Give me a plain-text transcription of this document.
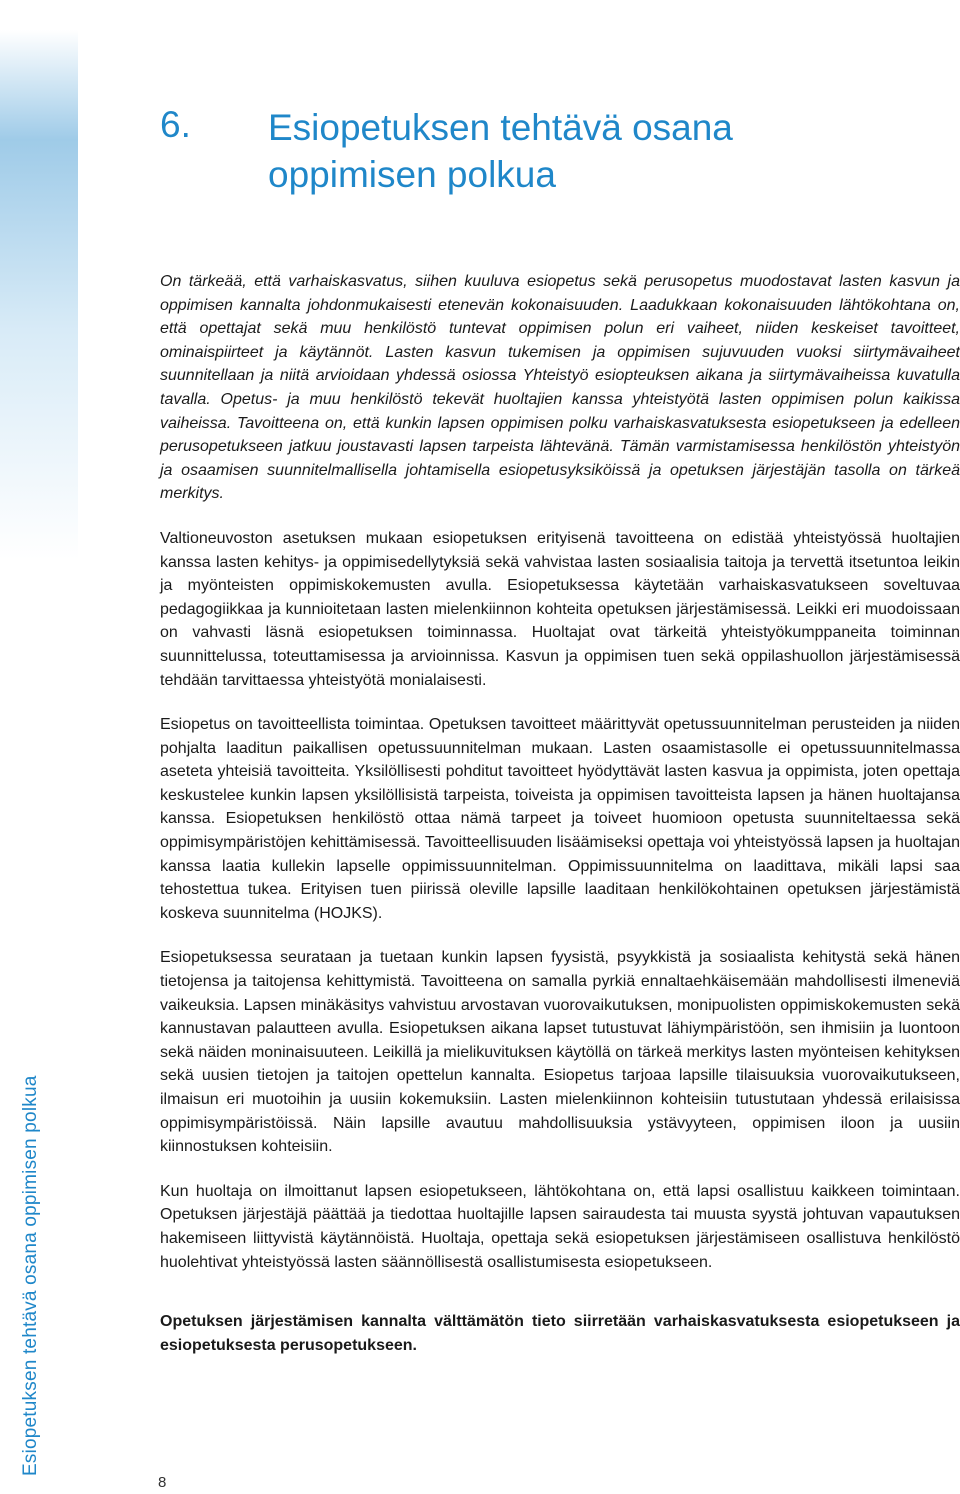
Esiopetuksen tehtävä osana oppimisen polkua
6. Esiopetuksen tehtävä osana oppimisen polkua

On tärkeää, että varhaiskasvatus, siihen kuuluva esiopetus sekä perusopetus muodostavat lasten kasvun ja oppimisen kannalta johdonmukaisesti etenevän kokonaisuuden. Laadukkaan kokonaisuuden lähtökohtana on, että opettajat sekä muu henkilöstö tuntevat oppimisen polun eri vaiheet, niiden keskeiset tavoitteet, ominaispiirteet ja käytännöt. Lasten kasvun tukemisen ja oppimisen sujuvuuden vuoksi siirtymävaiheet suunnitellaan ja niitä arvioidaan yhdessä osiossa Yhteistyö esiopteuksen aikana ja siirtymävaiheissa kuvatulla tavalla. Opetus- ja muu henkilöstö tekevät huoltajien kanssa yhteistyötä lasten oppimisen polun kaikissa vaiheissa. Tavoitteena on, että kunkin lapsen oppimisen polku varhaiskasvatuksesta esiopetukseen ja edelleen perusopetukseen jatkuu joustavasti lapsen tarpeista lähtevänä. Tämän varmistamisessa henkilöstön yhteistyön ja osaamisen suunnitelmallisella johtamisella esiopetusyksiköissä ja opetuksen järjestäjän tasolla on tärkeä merkitys.

Valtioneuvoston asetuksen mukaan esiopetuksen erityisenä tavoitteena on edistää yhteistyössä huoltajien kanssa lasten kehitys- ja oppimisedellytyksiä sekä vahvistaa lasten sosiaalisia taitoja ja tervettä itsetuntoa leikin ja myönteisten oppimiskokemusten avulla. Esiopetuksessa käytetään varhaiskasvatukseen soveltuvaa pedagogiikkaa ja kunnioitetaan lasten mielenkiinnon kohteita opetuksen järjestämisessä. Leikki eri muodoissaan on vahvasti läsnä esiopetuksen toiminnassa. Huoltajat ovat tärkeitä yhteistyökumppaneita toiminnan suunnittelussa, toteuttamisessa ja arvioinnissa. Kasvun ja oppimisen tuen sekä oppilashuollon järjestämisessä tehdään tarvittaessa yhteistyötä monialaisesti.

Esiopetus on tavoitteellista toimintaa. Opetuksen tavoitteet määrittyvät opetussuunnitelman perusteiden ja niiden pohjalta laaditun paikallisen opetussuunnitelman mukaan. Lasten osaamistasolle ei opetussuunnitelmassa aseteta yhteisiä tavoitteita. Yksilöllisesti pohditut tavoitteet hyödyttävät lasten kasvua ja oppimista, joten opettaja keskustelee kunkin lapsen yksilöllisistä tarpeista, toiveista ja oppimisen tavoitteista lapsen ja hänen huoltajansa kanssa. Esiopetuksen henkilöstö ottaa nämä tarpeet ja toiveet huomioon opetusta suunniteltaessa sekä oppimisympäristöjen kehittämisessä. Tavoitteellisuuden lisäämiseksi opettaja voi yhteistyössä lapsen ja huoltajan kanssa laatia kullekin lapselle oppimissuunnitelman. Oppimissuunnitelma on laadittava, mikäli lapsi saa tehostettua tukea. Erityisen tuen piirissä oleville lapsille laaditaan henkilökohtainen opetuksen järjestämistä koskeva suunnitelma (HOJKS).

Esiopetuksessa seurataan ja tuetaan kunkin lapsen fyysistä, psyykkistä ja sosiaalista kehitystä sekä hänen tietojensa ja taitojensa kehittymistä. Tavoitteena on samalla pyrkiä ennaltaehkäisemään mahdollisesti ilmeneviä vaikeuksia. Lapsen minäkäsitys vahvistuu arvostavan vuorovaikutuksen, monipuolisten oppimiskokemusten sekä kannustavan palautteen avulla. Esiopetuksen aikana lapset tutustuvat lähiympäristöön, sen ihmisiin ja luontoon sekä näiden moninaisuuteen. Leikillä ja mielikuvituksen käytöllä on tärkeä merkitys lasten myönteisen kehityksen sekä uusien tietojen ja taitojen opettelun kannalta. Esiopetus tarjoaa lapsille tilaisuuksia vuorovaikutukseen, ilmaisun eri muotoihin ja uusiin kokemuksiin. Lasten mielenkiinnon kohteisiin tutustutaan yhdessä erilaisissa oppimisympäristöissä. Näin lapsille avautuu mahdollisuuksia ystävyyteen, oppimisen iloon ja uusiin kiinnostuksen kohteisiin.

Kun huoltaja on ilmoittanut lapsen esiopetukseen, lähtökohtana on, että lapsi osallistuu kaikkeen toimintaan. Opetuksen järjestäjä päättää ja tiedottaa huoltajille lapsen sairaudesta tai muusta syystä johtuvan vapautuksen hakemiseen liittyvistä käytännöistä. Huoltaja, opettaja sekä esiopetuksen järjestämiseen osallistuva henkilöstö huolehtivat yhteistyössä lasten säännöllisestä osallistumisesta esiopetukseen.

Opetuksen järjestämisen kannalta välttämätön tieto siirretään varhaiskasvatuksesta esiopetukseen ja esiopetuksesta perusopetukseen.

8
